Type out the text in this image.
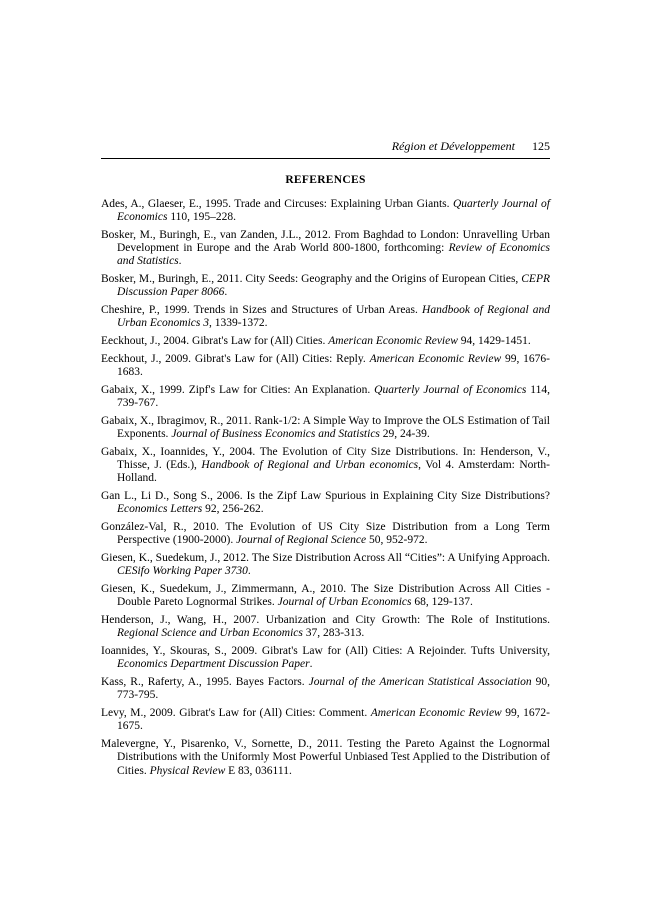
Région et Développement 125
REFERENCES

Ades, A., Glaeser, E., 1995. Trade and Circuses: Explaining Urban Giants. Quarterly Journal of Economics 110, 195–228.

Bosker, M., Buringh, E., van Zanden, J.L., 2012. From Baghdad to London: Unravelling Urban Development in Europe and the Arab World 800-1800, forthcoming: Review of Economics and Statistics.

Bosker, M., Buringh, E., 2011. City Seeds: Geography and the Origins of European Cities, CEPR Discussion Paper 8066.

Cheshire, P., 1999. Trends in Sizes and Structures of Urban Areas. Handbook of Regional and Urban Economics 3, 1339-1372.

Eeckhout, J., 2004. Gibrat's Law for (All) Cities. American Economic Review 94, 1429-1451.

Eeckhout, J., 2009. Gibrat's Law for (All) Cities: Reply. American Economic Review 99, 1676-1683.

Gabaix, X., 1999. Zipf's Law for Cities: An Explanation. Quarterly Journal of Economics 114, 739-767.

Gabaix, X., Ibragimov, R., 2011. Rank-1/2: A Simple Way to Improve the OLS Estimation of Tail Exponents. Journal of Business Economics and Statistics 29, 24-39.

Gabaix, X., Ioannides, Y., 2004. The Evolution of City Size Distributions. In: Henderson, V., Thisse, J. (Eds.), Handbook of Regional and Urban economics, Vol 4. Amsterdam: North-Holland.

Gan L., Li D., Song S., 2006. Is the Zipf Law Spurious in Explaining City Size Distributions? Economics Letters 92, 256-262.

González-Val, R., 2010. The Evolution of US City Size Distribution from a Long Term Perspective (1900-2000). Journal of Regional Science 50, 952-972.

Giesen, K., Suedekum, J., 2012. The Size Distribution Across All “Cities”: A Unifying Approach. CESifo Working Paper 3730.

Giesen, K., Suedekum, J., Zimmermann, A., 2010. The Size Distribution Across All Cities - Double Pareto Lognormal Strikes. Journal of Urban Economics 68, 129-137.

Henderson, J., Wang, H., 2007. Urbanization and City Growth: The Role of Institutions. Regional Science and Urban Economics 37, 283-313.

Ioannides, Y., Skouras, S., 2009. Gibrat's Law for (All) Cities: A Rejoinder. Tufts University, Economics Department Discussion Paper.

Kass, R., Raferty, A., 1995. Bayes Factors. Journal of the American Statistical Association 90, 773-795.

Levy, M., 2009. Gibrat's Law for (All) Cities: Comment. American Economic Review 99, 1672-1675.

Malevergne, Y., Pisarenko, V., Sornette, D., 2011. Testing the Pareto Against the Lognormal Distributions with the Uniformly Most Powerful Unbiased Test Applied to the Distribution of Cities. Physical Review E 83, 036111.
